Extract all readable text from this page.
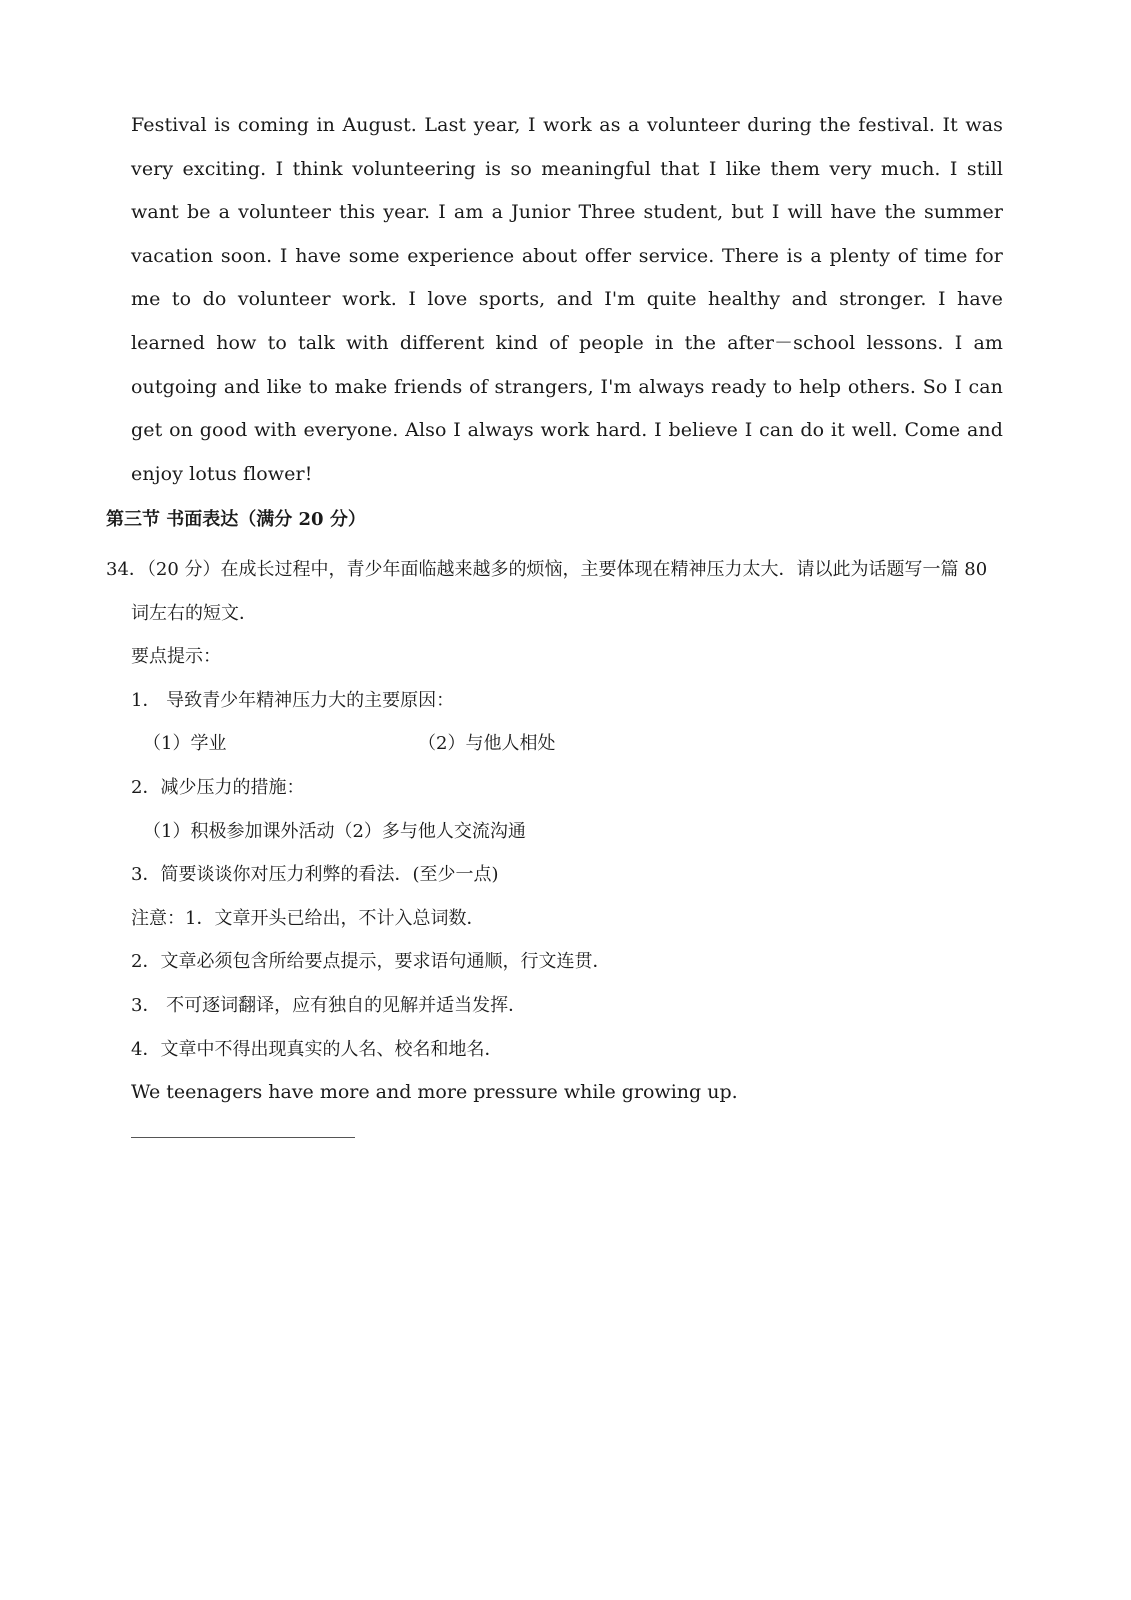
Festival is coming in August. Last year, I work as a volunteer during the festival. It was very exciting. I think volunteering is so meaningful that I like them very much. I still want be a volunteer this year. I am a Junior Three student, but I will have the summer vacation soon. I have some experience about offer service. There is a plenty of time for me to do volunteer work. I love sports, and I'm quite healthy and stronger. I have learned how to talk with different kind of people in the after－school lessons. I am outgoing and like to make friends of strangers, I'm always ready to help others. So I can get on good with everyone. Also I always work hard. I believe I can do it well. Come and enjoy lotus flower!

第三节 书面表达（满分 20 分）

34．（20 分）在成长过程中，青少年面临越来越多的烦恼，主要体现在精神压力太大．请以此为话题写一篇 80 词左右的短文．

要点提示：

1． 导致青少年精神压力大的主要原因：

（1）学业	（2）与他人相处

2．减少压力的措施：

（1）积极参加课外活动（2）多与他人交流沟通

3．简要谈谈你对压力利弊的看法．(至少一点)

注意：1．文章开头已给出，不计入总词数．

2．文章必须包含所给要点提示，要求语句通顺，行文连贯．

3． 不可逐词翻译，应有独自的见解并适当发挥．

4．文章中不得出现真实的人名、校名和地名．

We teenagers have more and more pressure while growing up.
